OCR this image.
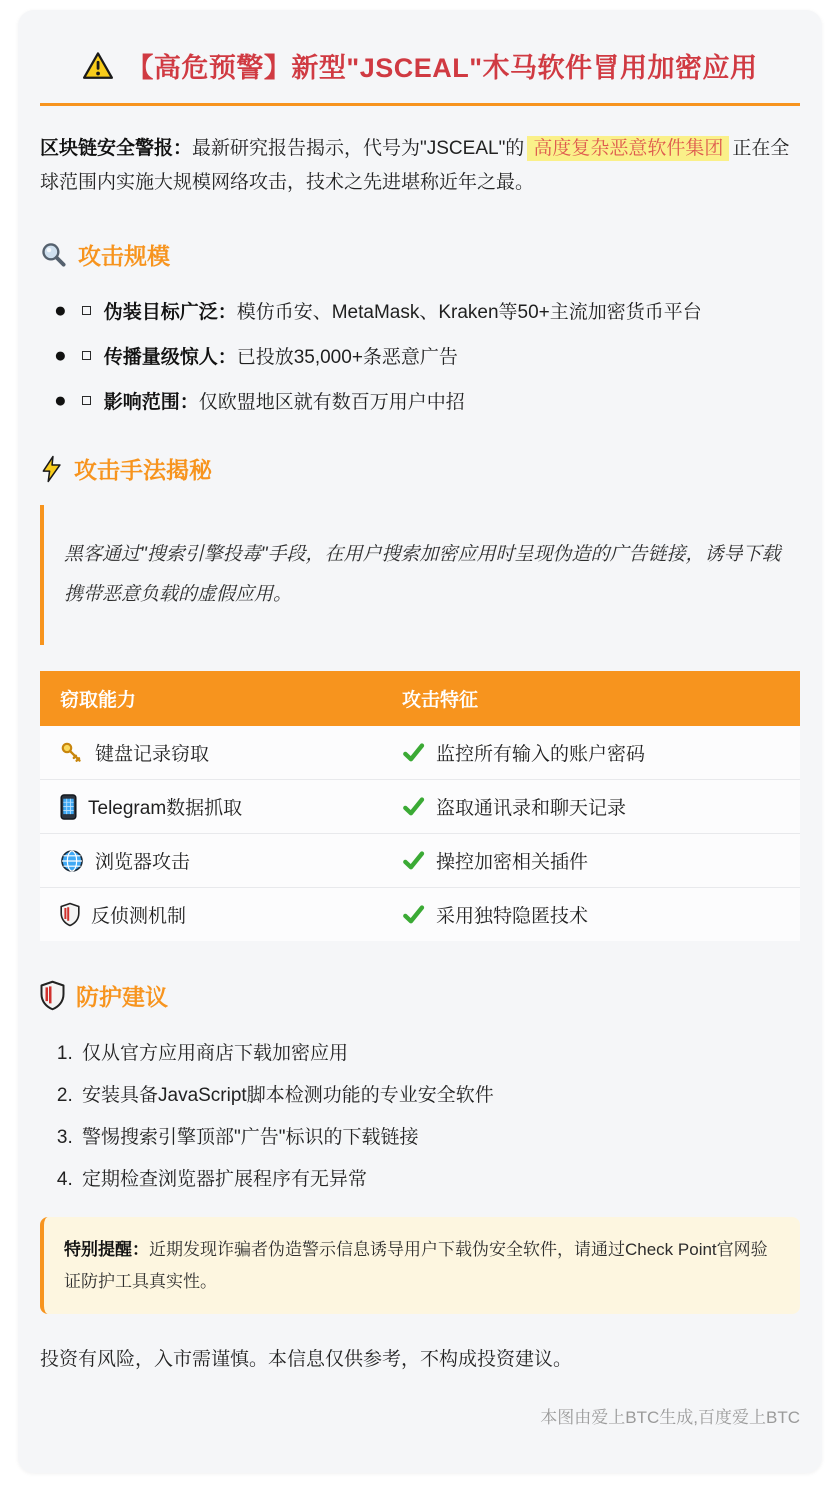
【高危预警】新型"JSCEAL"木马软件冒用加密应用

区块链安全警报：最新研究报告揭示，代号为"JSCEAL"的 高度复杂恶意软件集团 正在全球范围内实施大规模网络攻击，技术之先进堪称近年之最。

攻击规模
● 伪装目标广泛：模仿币安、MetaMask、Kraken等50+主流加密货币平台
● 传播量级惊人：已投放35,000+条恶意广告
● 影响范围：仅欧盟地区就有数百万用户中招
攻击手法揭秘
黑客通过"搜索引擎投毒"手段，在用户搜索加密应用时呈现伪造的广告链接，诱导下载携带恶意负载的虚假应用。
窃取能力	攻击特征

键盘记录窃取	监控所有输入的账户密码

Telegram数据抓取	盗取通讯录和聊天记录

浏览器攻击	操控加密相关插件

反侦测机制	采用独特隐匿技术
防护建议
1. 仅从官方应用商店下载加密应用
2. 安装具备JavaScript脚本检测功能的专业安全软件
3. 警惕搜索引擎顶部"广告"标识的下载链接
4. 定期检查浏览器扩展程序有无异常
特别提醒：近期发现诈骗者伪造警示信息诱导用户下载伪安全软件，请通过Check Point官网验证防护工具真实性。

投资有风险，入市需谨慎。本信息仅供参考，不构成投资建议。

本图由爱上BTC生成,百度爱上BTC
